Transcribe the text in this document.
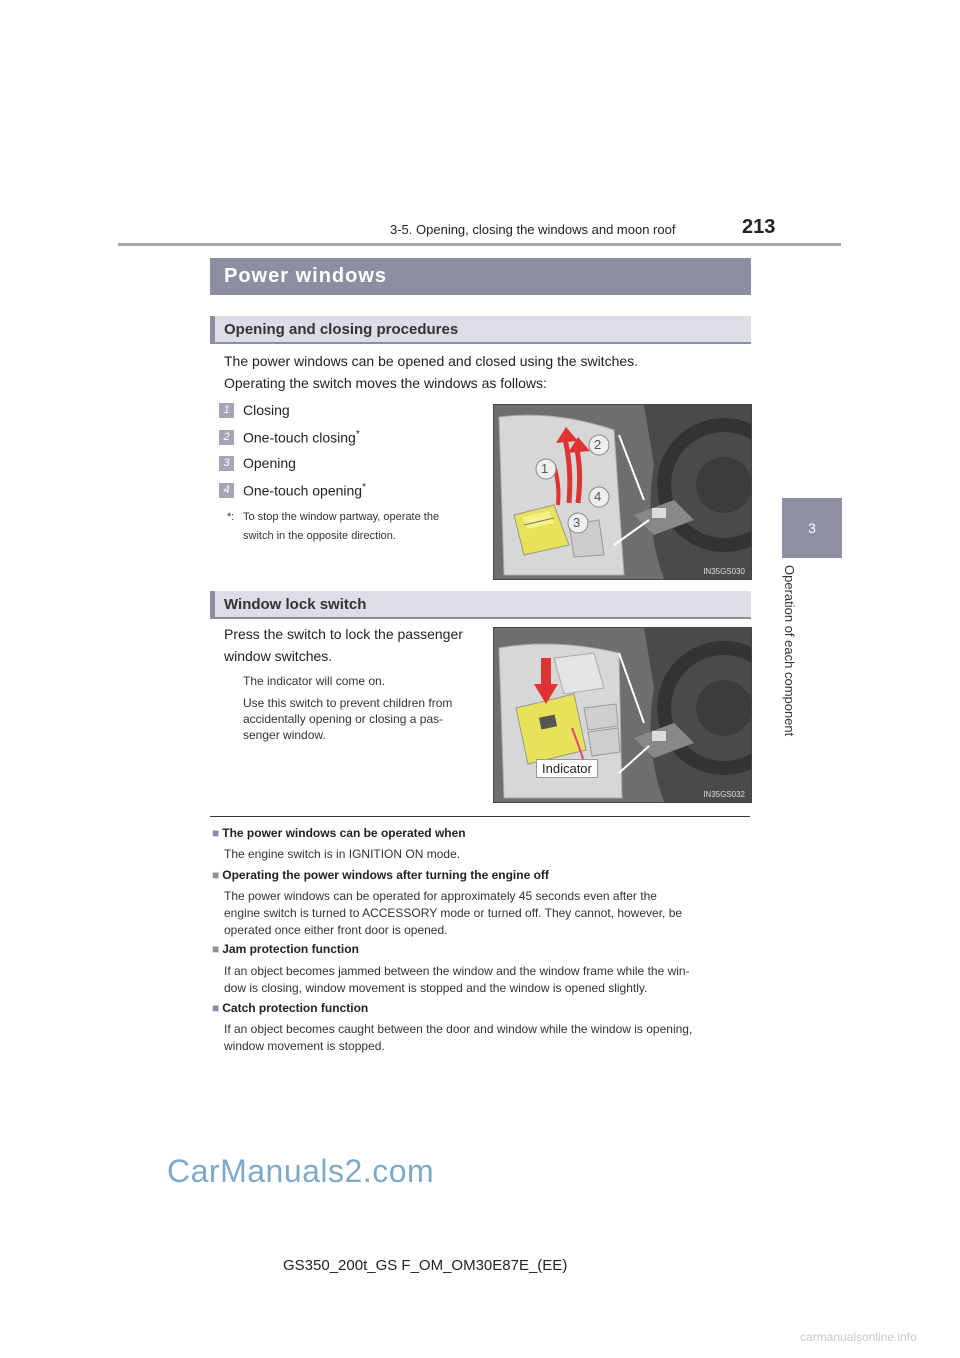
3-5. Opening, closing the windows and moon roof	213
3
Operation of each component
Power windows
Opening and closing procedures
The power windows can be opened and closed using the switches.
Operating the switch moves the windows as follows:
1 Closing
2 One-touch closing*
3 Opening
4 One-touch opening*
*: To stop the window partway, operate the
switch in the opposite direction.
2
1
4
3
IN35GS030
Window lock switch
Press the switch to lock the passenger
window switches.
The indicator will come on.
Use this switch to prevent children from
accidentally opening or closing a pas-
senger window.
Indicator
IN35GS032
■ The power windows can be operated when
The engine switch is in IGNITION ON mode.
■ Operating the power windows after turning the engine off
The power windows can be operated for approximately 45 seconds even after the
engine switch is turned to ACCESSORY mode or turned off. They cannot, however, be
operated once either front door is opened.
■ Jam protection function
If an object becomes jammed between the window and the window frame while the win-
dow is closing, window movement is stopped and the window is opened slightly.
■ Catch protection function
If an object becomes caught between the door and window while the window is opening,
window movement is stopped.
CarManuals2.com
GS350_200t_GS F_OM_OM30E87E_(EE)
carmanualsonline.info
